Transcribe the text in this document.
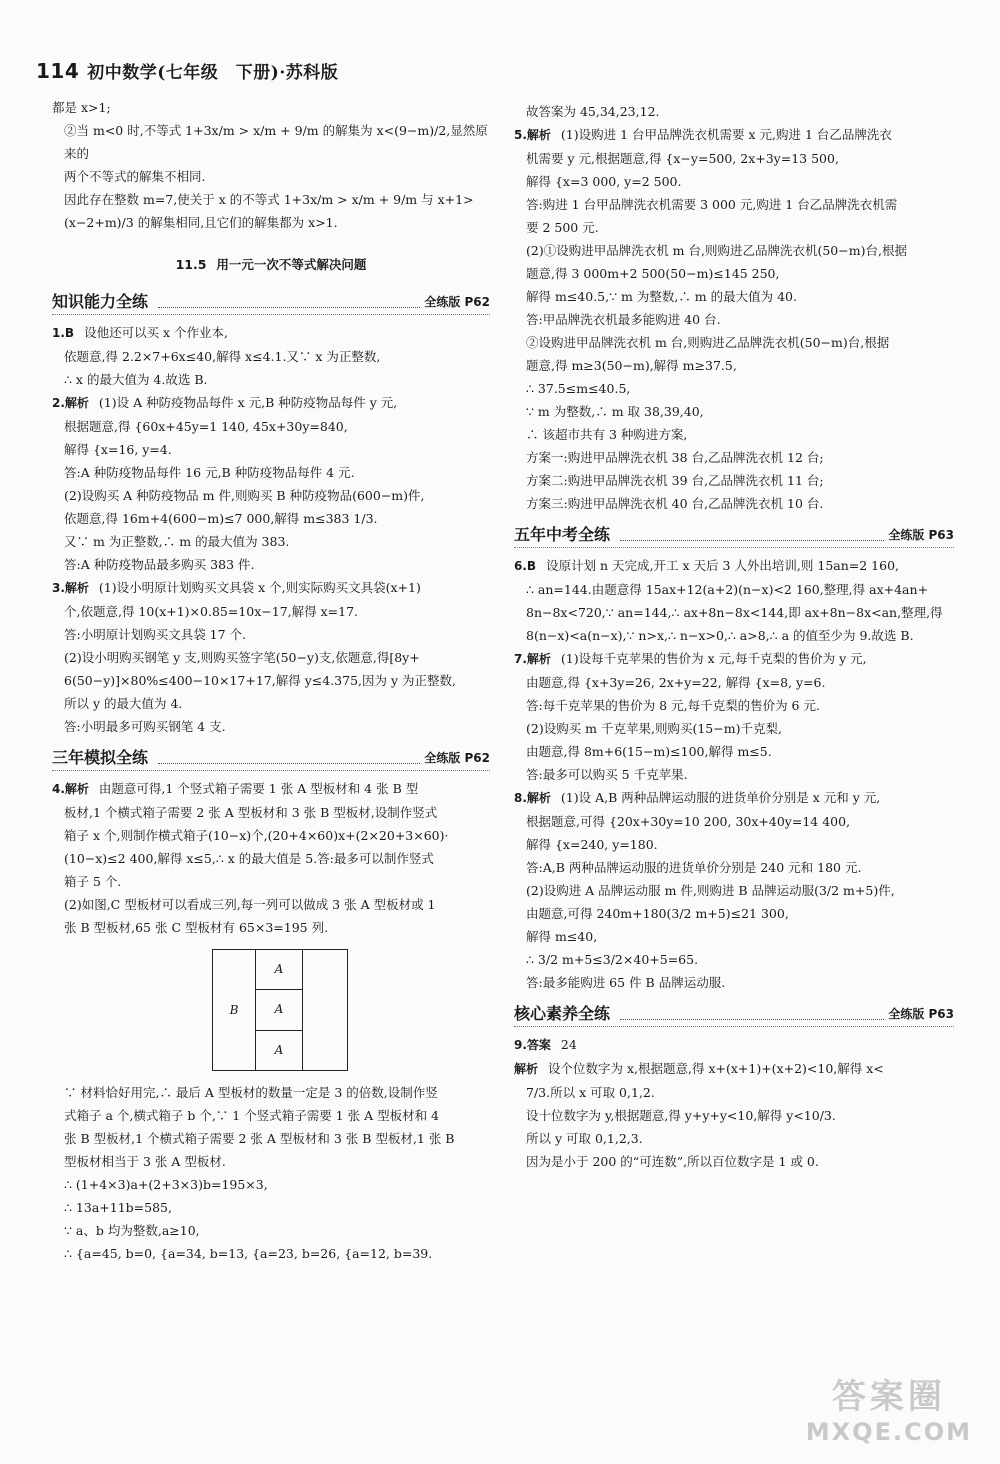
114 初中数学(七年级　下册)·苏科版
都是 x>1;
②当 m<0 时,不等式 1+3x/m > x/m + 9/m 的解集为 x<(9−m)/2,显然原来的
两个不等式的解集不相同.
因此存在整数 m=7,使关于 x 的不等式 1+3x/m > x/m + 9/m 与 x+1>
(x−2+m)/3 的解集相同,且它们的解集都为 x>1.
11.5 用一元一次不等式解决问题
知识能力全练	全练版 P62
1.B 设他还可以买 x 个作业本,
依题意,得 2.2×7+6x≤40,解得 x≤4.1.又∵ x 为正整数,
∴ x 的最大值为 4.故选 B.
2.解析 (1)设 A 种防疫物品每件 x 元,B 种防疫物品每件 y 元,
根据题意,得 {60x+45y=1 140, 45x+30y=840,
解得 {x=16, y=4.
答:A 种防疫物品每件 16 元,B 种防疫物品每件 4 元.
(2)设购买 A 种防疫物品 m 件,则购买 B 种防疫物品(600−m)件,
依题意,得 16m+4(600−m)≤7 000,解得 m≤383 1/3.
又∵ m 为正整数,∴ m 的最大值为 383.
答:A 种防疫物品最多购买 383 件.
3.解析 (1)设小明原计划购买文具袋 x 个,则实际购买文具袋(x+1)
个,依题意,得 10(x+1)×0.85=10x−17,解得 x=17.
答:小明原计划购买文具袋 17 个.
(2)设小明购买钢笔 y 支,则购买签字笔(50−y)支,依题意,得[8y+
6(50−y)]×80%≤400−10×17+17,解得 y≤4.375,因为 y 为正整数,
所以 y 的最大值为 4.
答:小明最多可购买钢笔 4 支.
三年模拟全练	全练版 P62
4.解析 由题意可得,1 个竖式箱子需要 1 张 A 型板材和 4 张 B 型
板材,1 个横式箱子需要 2 张 A 型板材和 3 张 B 型板材,设制作竖式
箱子 x 个,则制作横式箱子(10−x)个,(20+4×60)x+(2×20+3×60)·
(10−x)≤2 400,解得 x≤5,∴ x 的最大值是 5.答:最多可以制作竖式
箱子 5 个.
(2)如图,C 型板材可以看成三列,每一列可以做成 3 张 A 型板材或 1
张 B 型板材,65 张 C 型板材有 65×3=195 列.
B
A
A
A
∵ 材料恰好用完,∴ 最后 A 型板材的数量一定是 3 的倍数,设制作竖
式箱子 a 个,横式箱子 b 个,∵ 1 个竖式箱子需要 1 张 A 型板材和 4
张 B 型板材,1 个横式箱子需要 2 张 A 型板材和 3 张 B 型板材,1 张 B
型板材相当于 3 张 A 型板材.
∴ (1+4×3)a+(2+3×3)b=195×3,
∴ 13a+11b=585,
∵ a、b 均为整数,a≥10,
∴ {a=45, b=0, {a=34, b=13, {a=23, b=26, {a=12, b=39.
故答案为 45,34,23,12.
5.解析 (1)设购进 1 台甲品牌洗衣机需要 x 元,购进 1 台乙品牌洗衣
机需要 y 元,根据题意,得 {x−y=500, 2x+3y=13 500,
解得 {x=3 000, y=2 500.
答:购进 1 台甲品牌洗衣机需要 3 000 元,购进 1 台乙品牌洗衣机需
要 2 500 元.
(2)①设购进甲品牌洗衣机 m 台,则购进乙品牌洗衣机(50−m)台,根据
题意,得 3 000m+2 500(50−m)≤145 250,
解得 m≤40.5,∵ m 为整数,∴ m 的最大值为 40.
答:甲品牌洗衣机最多能购进 40 台.
②设购进甲品牌洗衣机 m 台,则购进乙品牌洗衣机(50−m)台,根据
题意,得 m≥3(50−m),解得 m≥37.5,
∴ 37.5≤m≤40.5,
∵ m 为整数,∴ m 取 38,39,40,
∴ 该超市共有 3 种购进方案,
方案一:购进甲品牌洗衣机 38 台,乙品牌洗衣机 12 台;
方案二:购进甲品牌洗衣机 39 台,乙品牌洗衣机 11 台;
方案三:购进甲品牌洗衣机 40 台,乙品牌洗衣机 10 台.
五年中考全练	全练版 P63
6.B 设原计划 n 天完成,开工 x 天后 3 人外出培训,则 15an=2 160,
∴ an=144.由题意得 15ax+12(a+2)(n−x)<2 160,整理,得 ax+4an+
8n−8x<720,∵ an=144,∴ ax+8n−8x<144,即 ax+8n−8x<an,整理,得
8(n−x)<a(n−x),∵ n>x,∴ n−x>0,∴ a>8,∴ a 的值至少为 9.故选 B.
7.解析 (1)设每千克苹果的售价为 x 元,每千克梨的售价为 y 元,
由题意,得 {x+3y=26, 2x+y=22, 解得 {x=8, y=6.
答:每千克苹果的售价为 8 元,每千克梨的售价为 6 元.
(2)设购买 m 千克苹果,则购买(15−m)千克梨,
由题意,得 8m+6(15−m)≤100,解得 m≤5.
答:最多可以购买 5 千克苹果.
8.解析 (1)设 A,B 两种品牌运动服的进货单价分别是 x 元和 y 元,
根据题意,可得 {20x+30y=10 200, 30x+40y=14 400,
解得 {x=240, y=180.
答:A,B 两种品牌运动服的进货单价分别是 240 元和 180 元.
(2)设购进 A 品牌运动服 m 件,则购进 B 品牌运动服(3/2 m+5)件,
由题意,可得 240m+180(3/2 m+5)≤21 300,
解得 m≤40,
∴ 3/2 m+5≤3/2×40+5=65.
答:最多能购进 65 件 B 品牌运动服.
核心素养全练	全练版 P63
9.答案 24
解析 设个位数字为 x,根据题意,得 x+(x+1)+(x+2)<10,解得 x<
7/3.所以 x 可取 0,1,2.
设十位数字为 y,根据题意,得 y+y+y<10,解得 y<10/3.
所以 y 可取 0,1,2,3.
因为是小于 200 的“可连数”,所以百位数字是 1 或 0.
答案圈
MXQE.COM
